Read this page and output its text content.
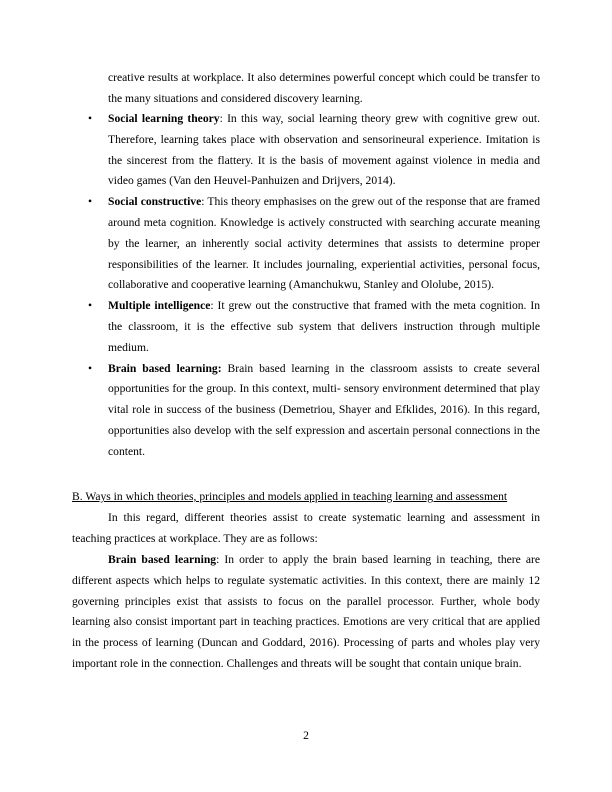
creative results at workplace. It also determines powerful concept which could be transfer to the many situations and considered discovery learning.
• Social learning theory: In this way, social learning theory grew with cognitive grew out. Therefore, learning takes place with observation and sensorineural experience. Imitation is the sincerest from the flattery. It is the basis of movement against violence in media and video games (Van den Heuvel-Panhuizen and Drijvers, 2014).
• Social constructive: This theory emphasises on the grew out of the response that are framed around meta cognition. Knowledge is actively constructed with searching accurate meaning by the learner, an inherently social activity determines that assists to determine proper responsibilities of the learner. It includes journaling, experiential activities, personal focus, collaborative and cooperative learning (Amanchukwu, Stanley and Ololube, 2015).
• Multiple intelligence: It grew out the constructive that framed with the meta cognition. In the classroom, it is the effective sub system that delivers instruction through multiple medium.
• Brain based learning: Brain based learning in the classroom assists to create several opportunities for the group. In this context, multi- sensory environment determined that play vital role in success of the business (Demetriou, Shayer and Efklides, 2016). In this regard, opportunities also develop with the self expression and ascertain personal connections in the content.
B. Ways in which theories, principles and models applied in teaching learning and assessment
In this regard, different theories assist to create systematic learning and assessment in teaching practices at workplace. They are as follows:
Brain based learning: In order to apply the brain based learning in teaching, there are different aspects which helps to regulate systematic activities. In this context, there are mainly 12 governing principles exist that assists to focus on the parallel processor. Further, whole body learning also consist important part in teaching practices. Emotions are very critical that are applied in the process of learning (Duncan and Goddard, 2016). Processing of parts and wholes play very important role in the connection. Challenges and threats will be sought that contain unique brain.
2
